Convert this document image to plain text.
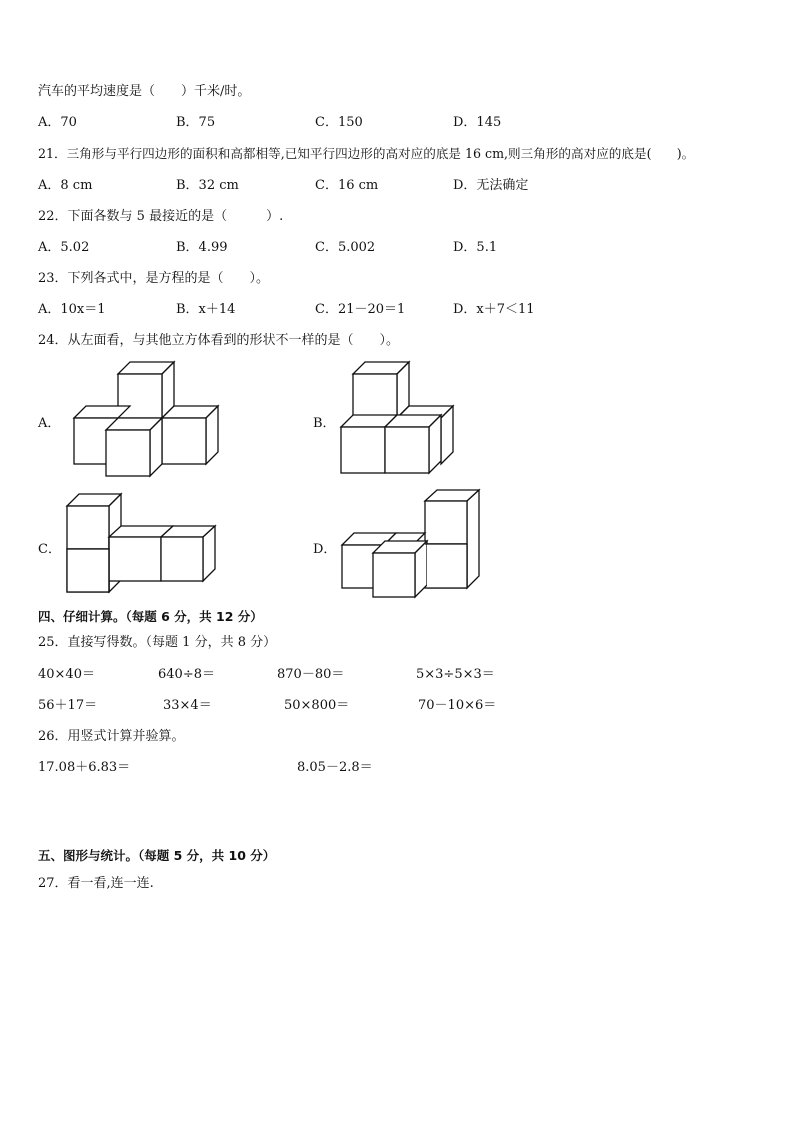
汽车的平均速度是（　　）千米/时。
A．70	B．75	C．150	D．145
21．三角形与平行四边形的面积和高都相等,已知平行四边形的高对应的底是 16 cm,则三角形的高对应的底是(　　)。
A．8 cm	B．32 cm	C．16 cm	D．无法确定
22．下面各数与 5 最接近的是（　　　）.
A．5.02	B．4.99	C．5.002	D．5.1
23．下列各式中，是方程的是（　　）。
A．10x＝1	B．x＋14	C．21－20＝1	D．x＋7＜11
24．从左面看，与其他立方体看到的形状不一样的是（　　）。
A．	B．
C．	D．
四、仔细计算。（每题 6 分，共 12 分）
25．直接写得数。（每题 1 分，共 8 分）
40×40＝	640÷8＝	870－80＝	5×3÷5×3＝
56＋17＝	33×4＝	50×800＝	70－10×6＝
26．用竖式计算并验算。
17.08＋6.83＝	8.05－2.8＝
五、图形与统计。（每题 5 分，共 10 分）
27．看一看,连一连.
